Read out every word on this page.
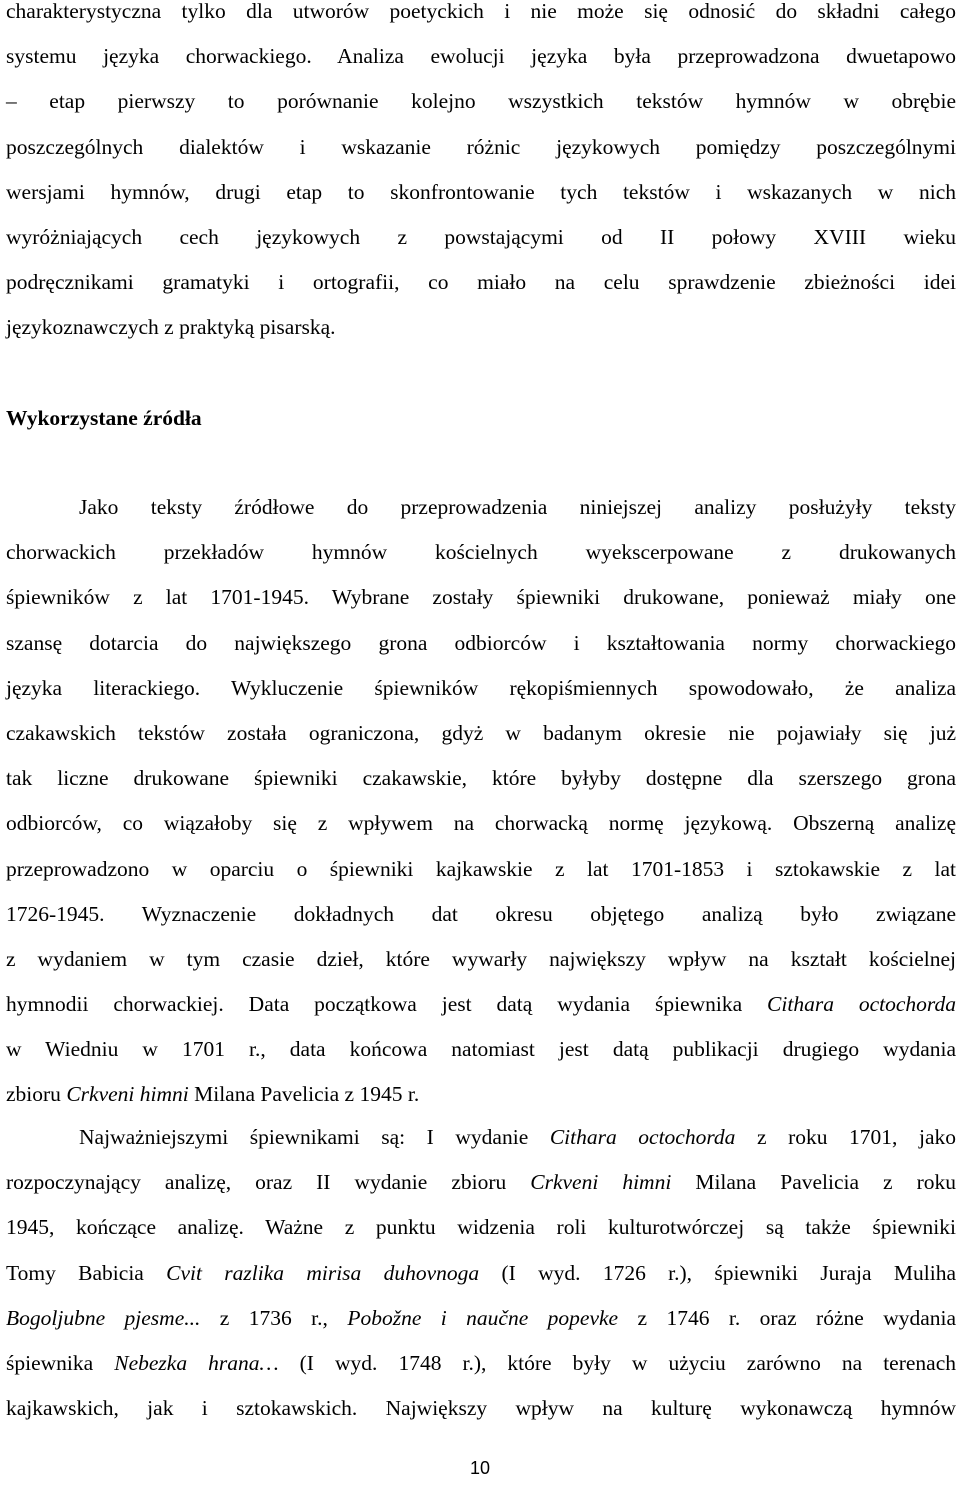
charakterystyczna tylko dla utworów poetyckich i nie może się odnosić do składni całego
systemu języka chorwackiego. Analiza ewolucji języka była przeprowadzona dwuetapowo
– etap pierwszy to porównanie kolejno wszystkich tekstów hymnów w obrębie
poszczególnych dialektów i wskazanie różnic językowych pomiędzy poszczególnymi
wersjami hymnów, drugi etap to skonfrontowanie tych tekstów i wskazanych w nich
wyróżniających cech językowych z powstającymi od II połowy XVIII wieku
podręcznikami gramatyki i ortografii, co miało na celu sprawdzenie zbieżności idei
językoznawczych z praktyką pisarską.
Wykorzystane źródła
Jako teksty źródłowe do przeprowadzenia niniejszej analizy posłużyły teksty
chorwackich przekładów hymnów kościelnych wyekscerpowane z drukowanych
śpiewników z lat 1701-1945. Wybrane zostały śpiewniki drukowane, ponieważ miały one
szansę dotarcia do największego grona odbiorców i kształtowania normy chorwackiego
języka literackiego. Wykluczenie śpiewników rękopiśmiennych spowodowało, że analiza
czakawskich tekstów została ograniczona, gdyż w badanym okresie nie pojawiały się już
tak liczne drukowane śpiewniki czakawskie, które byłyby dostępne dla szerszego grona
odbiorców, co wiązałoby się z wpływem na chorwacką normę językową. Obszerną analizę
przeprowadzono w oparciu o śpiewniki kajkawskie z lat 1701-1853 i sztokawskie z lat
1726-1945. Wyznaczenie dokładnych dat okresu objętego analizą było związane
z wydaniem w tym czasie dzieł, które wywarły największy wpływ na kształt kościelnej
hymnodii chorwackiej. Data początkowa jest datą wydania śpiewnika Cithara octochorda
w Wiedniu w 1701 r., data końcowa natomiast jest datą publikacji drugiego wydania
zbioru Crkveni himni Milana Pavelicia z 1945 r.
Najważniejszymi śpiewnikami są: I wydanie Cithara octochorda z roku 1701, jako
rozpoczynający analizę, oraz II wydanie zbioru Crkveni himni Milana Pavelicia z roku
1945, kończące analizę. Ważne z punktu widzenia roli kulturotwórczej są także śpiewniki
Tomy Babicia Cvit razlika mirisa duhovnoga (I wyd. 1726 r.), śpiewniki Juraja Muliha
Bogoljubne pjesme... z 1736 r., Pobožne i naučne popevke z 1746 r. oraz różne wydania
śpiewnika Nebezka hrana… (I wyd. 1748 r.), które były w użyciu zarówno na terenach
kajkawskich, jak i sztokawskich. Największy wpływ na kulturę wykonawczą hymnów
10
